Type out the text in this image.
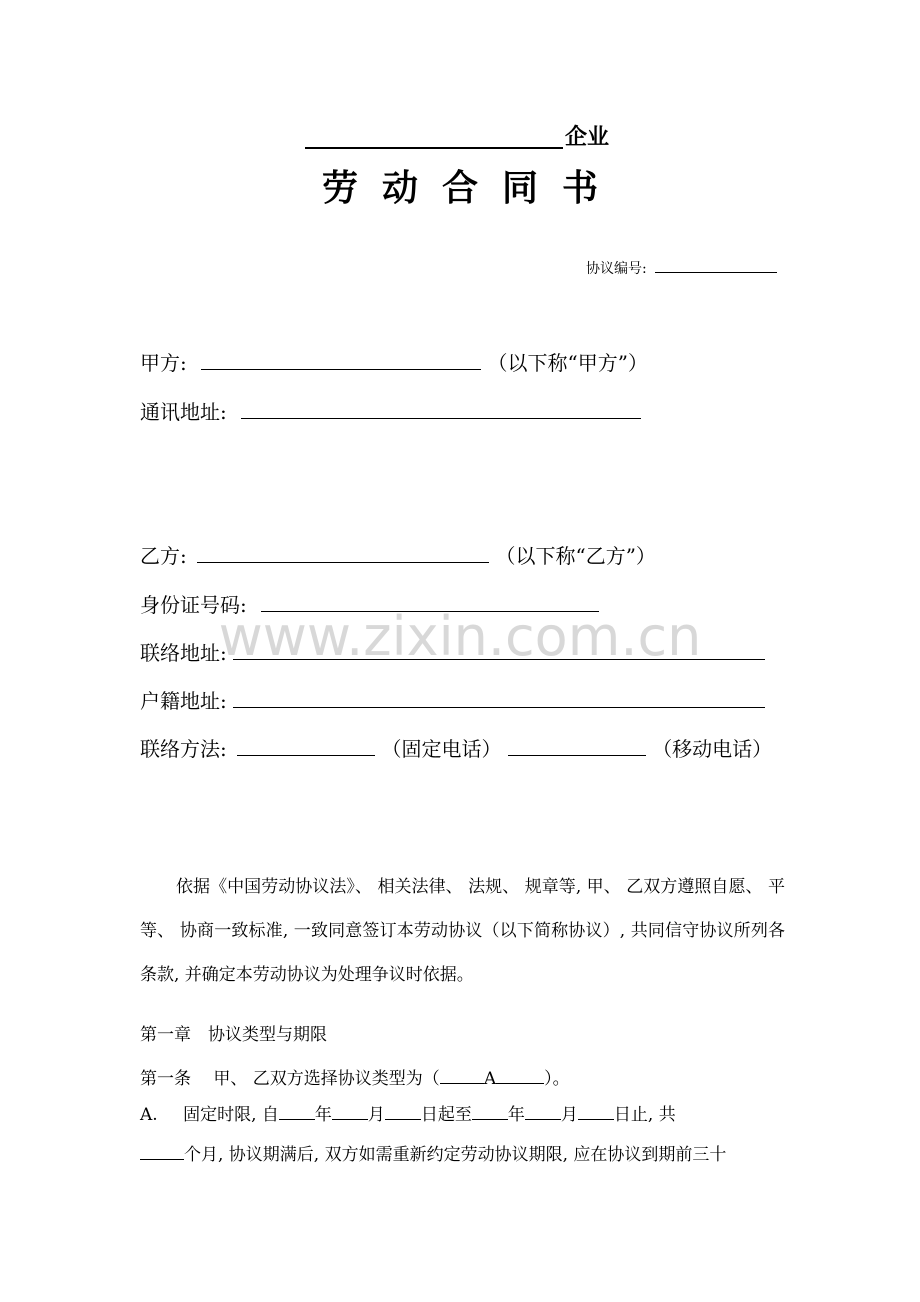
企业
劳动合同书
协议编号:
甲方:	（以下称“甲方”）
通讯地址:
乙方:	（以下称“乙方”）
身份证号码:
联络地址:
户籍地址:
联络方法:	（固定电话）	（移动电话）
www.zixin.com.cn
依据《中国劳动协议法》、 相关法律、 法规、 规章等, 甲、 乙双方遵照自愿、 平等、 协商一致标准, 一致同意签订本劳动协议（以下简称协议）, 共同信守协议所列各条款, 并确定本劳动协议为处理争议时依据。
第一章　协议类型与期限
第一条　 甲、 乙双方选择协议类型为（	A	）。
A. 固定时限, 自 年 月 日起至 年 月 日止, 共
个月, 协议期满后, 双方如需重新约定劳动协议期限, 应在协议到期前三十
